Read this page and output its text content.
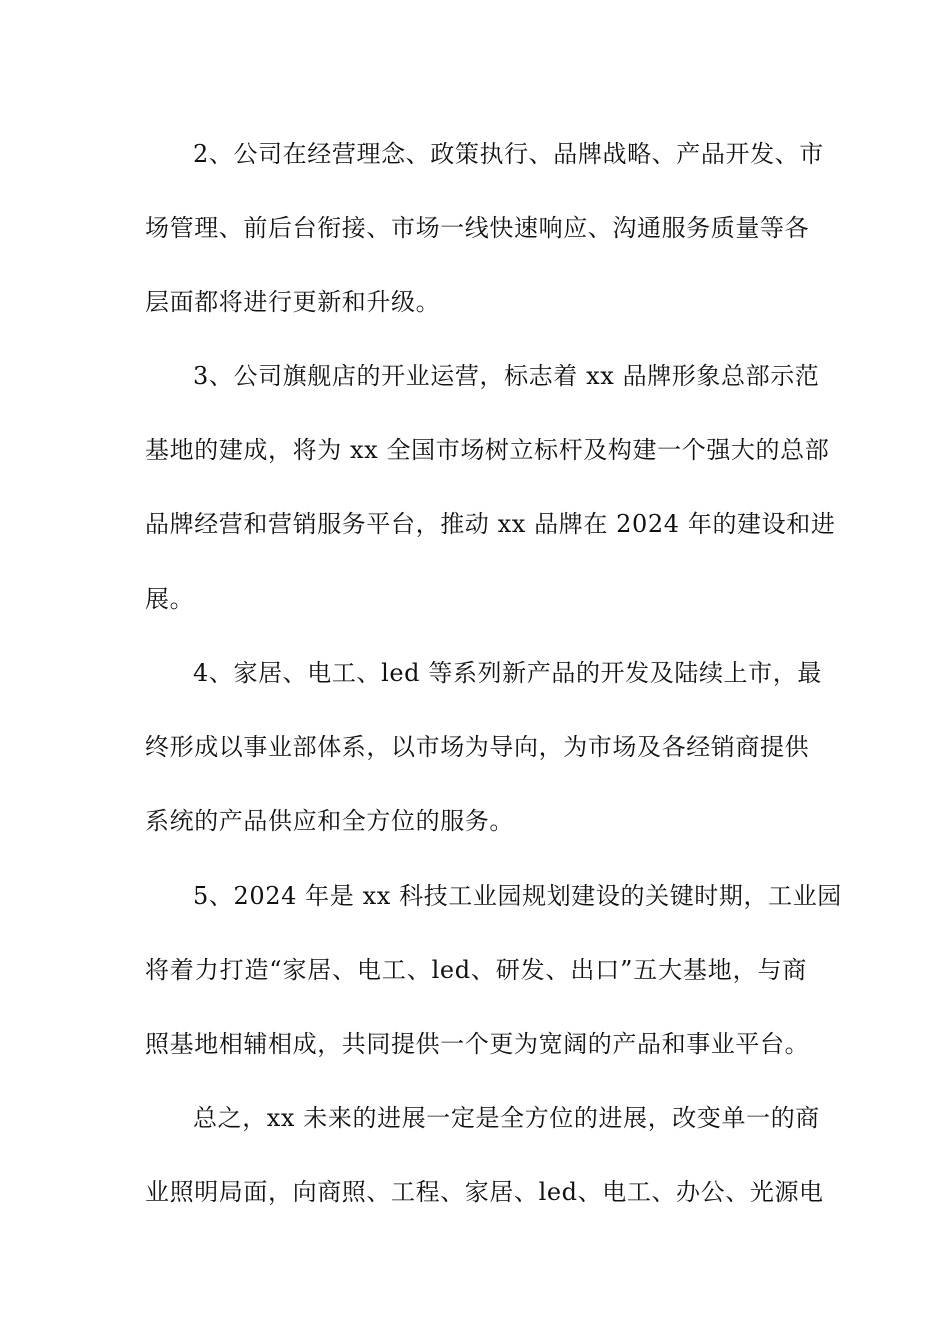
2、公司在经营理念、政策执行、品牌战略、产品开发、市
场管理、前后台衔接、市场一线快速响应、沟通服务质量等各
层面都将进行更新和升级。
3、公司旗舰店的开业运营，标志着 xx 品牌形象总部示范
基地的建成，将为 xx 全国市场树立标杆及构建一个强大的总部
品牌经营和营销服务平台，推动 xx 品牌在 2024 年的建设和进
展。
4、家居、电工、led 等系列新产品的开发及陆续上市，最
终形成以事业部体系，以市场为导向，为市场及各经销商提供
系统的产品供应和全方位的服务。
5、2024 年是 xx 科技工业园规划建设的关键时期，工业园
将着力打造“家居、电工、led、研发、出口”五大基地，与商
照基地相辅相成，共同提供一个更为宽阔的产品和事业平台。
总之，xx 未来的进展一定是全方位的进展，改变单一的商
业照明局面，向商照、工程、家居、led、电工、办公、光源电
